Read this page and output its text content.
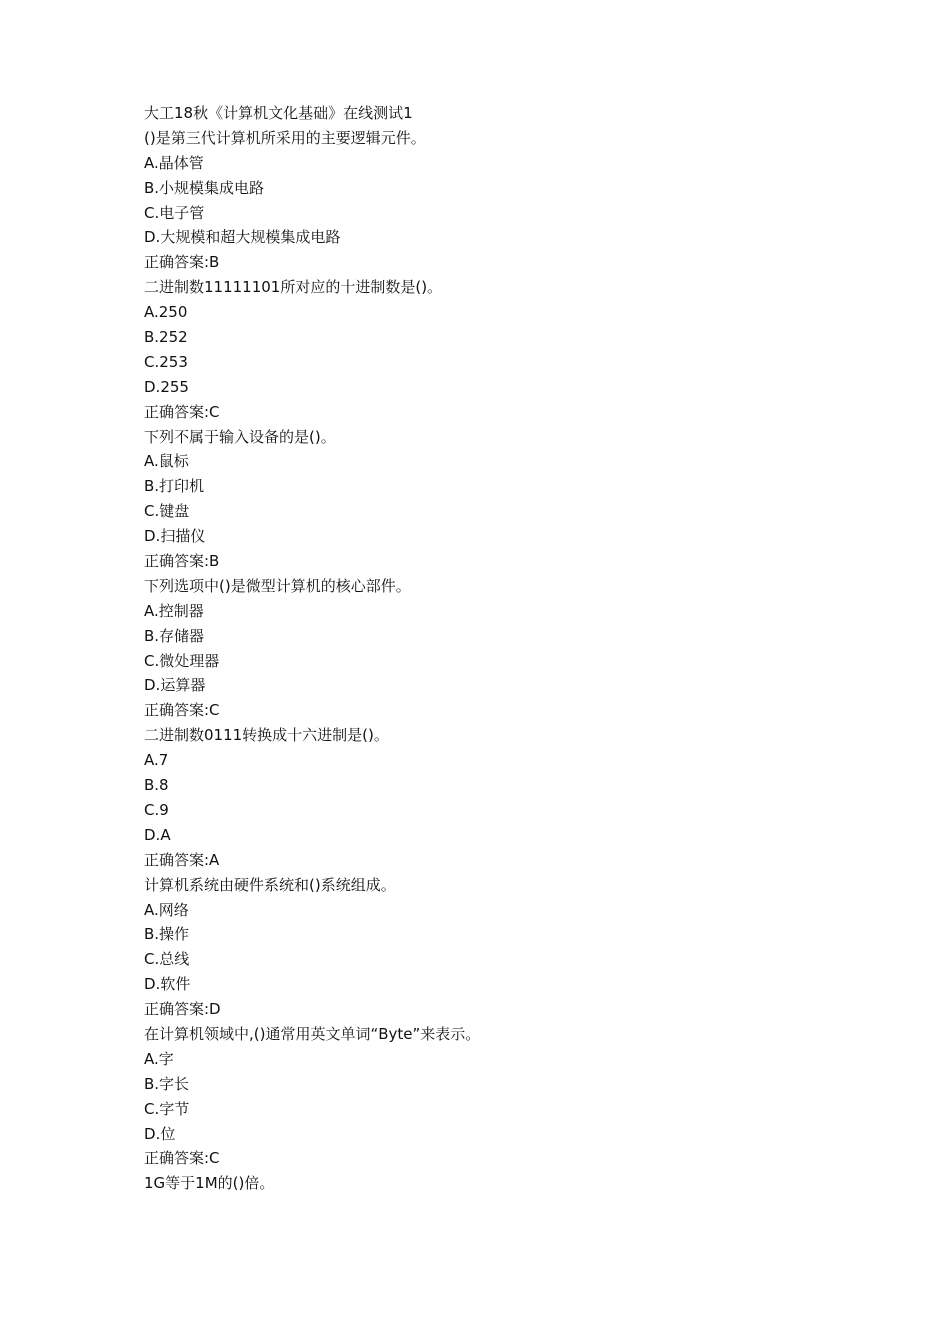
大工18秋《计算机文化基础》在线测试1
()是第三代计算机所采用的主要逻辑元件。
A.晶体管
B.小规模集成电路
C.电子管
D.大规模和超大规模集成电路
正确答案:B
二进制数11111101所对应的十进制数是()。
A.250
B.252
C.253
D.255
正确答案:C
下列不属于输入设备的是()。
A.鼠标
B.打印机
C.键盘
D.扫描仪
正确答案:B
下列选项中()是微型计算机的核心部件。
A.控制器
B.存储器
C.微处理器
D.运算器
正确答案:C
二进制数0111转换成十六进制是()。
A.7
B.8
C.9
D.A
正确答案:A
计算机系统由硬件系统和()系统组成。
A.网络
B.操作
C.总线
D.软件
正确答案:D
在计算机领域中,()通常用英文单词“Byte”来表示。
A.字
B.字长
C.字节
D.位
正确答案:C
1G等于1M的()倍。
